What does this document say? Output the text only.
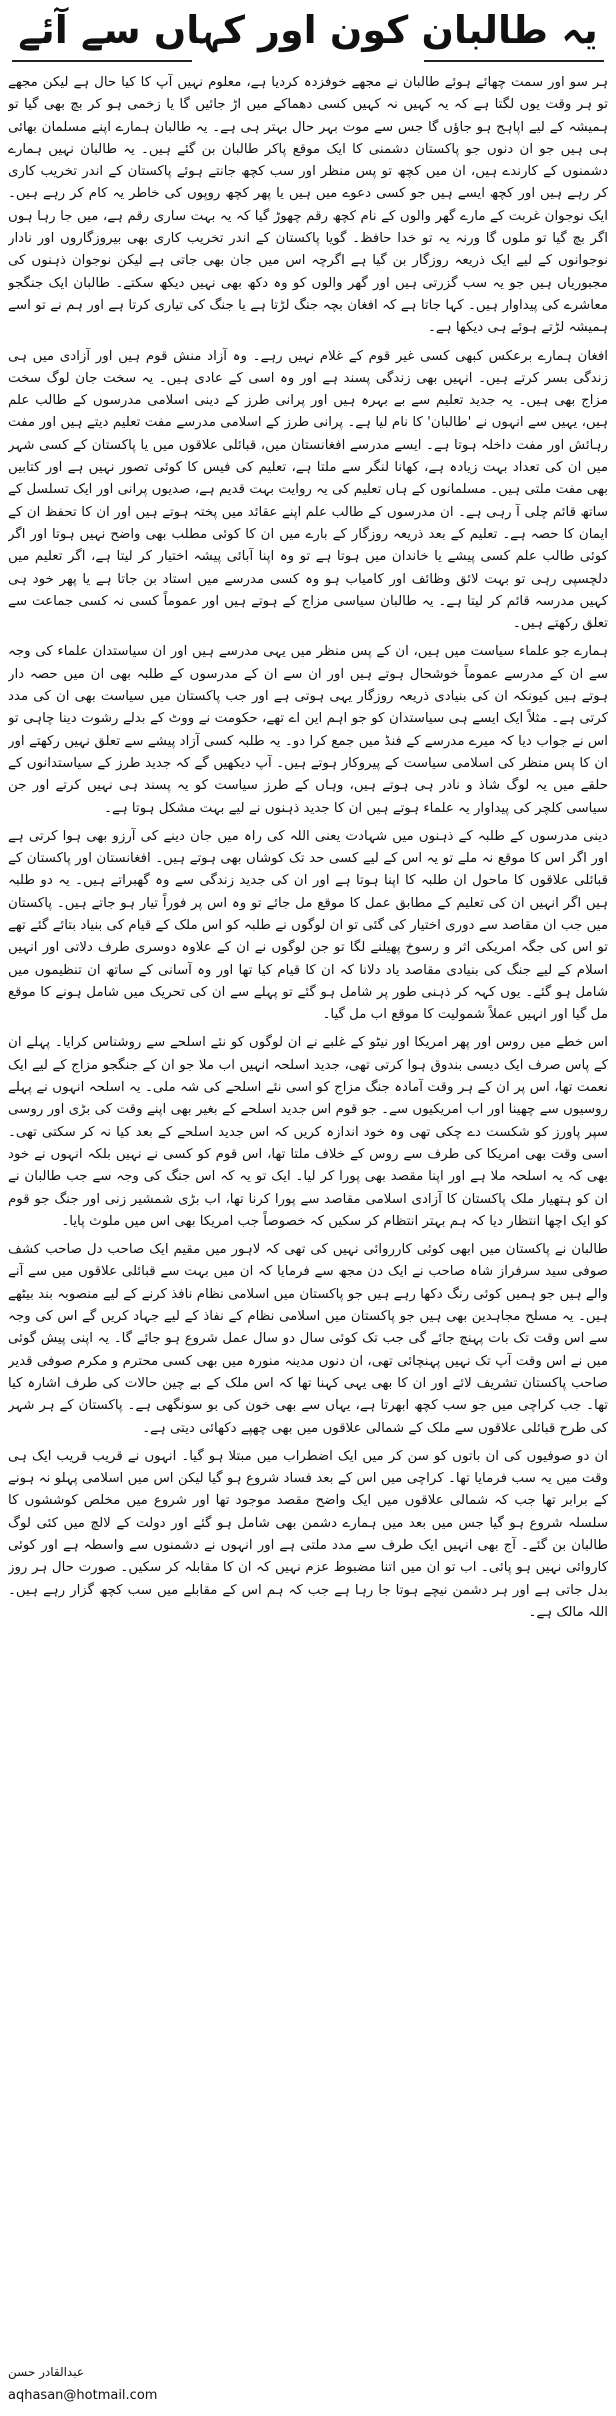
یہ طالبان کون اور کہاں سے آئے

ہر سو اور سمت چھائے ہوئے طالبان نے مجھے خوفزدہ کردیا ہے، معلوم نہیں آپ کا کیا حال ہے لیکن مجھے تو ہر وقت یوں لگتا ہے کہ یہ کہیں نہ کہیں کسی دھماکے میں اڑ جائیں گا یا زخمی ہو کر بچ بھی گیا تو ہمیشہ کے لیے اپاہج ہو جاؤں گا جس سے موت بہر حال بہتر ہی ہے۔ یہ طالبان ہمارے اپنے مسلمان بھائی ہی ہیں جو ان دنوں جو پاکستان دشمنی کا ایک موقع پاکر طالبان بن گئے ہیں۔ یہ طالبان نہیں ہمارے دشمنوں کے کارندے ہیں، ان میں کچھ تو پس منظر اور سب کچھ جانتے ہوئے پاکستان کے اندر تخریب کاری کر رہے ہیں اور کچھ ایسے ہیں جو کسی دعوے میں ہیں یا پھر کچھ روپوں کی خاطر یہ کام کر رہے ہیں۔ ایک نوجوان غربت کے مارے گھر والوں کے نام کچھ رقم چھوڑ گیا کہ یہ بہت ساری رقم ہے، میں جا رہا ہوں اگر بچ گیا تو ملوں گا ورنہ یہ تو خدا حافظ۔ گویا پاکستان کے اندر تخریب کاری بھی بیروزگاروں اور نادار نوجوانوں کے لیے ایک ذریعہ روزگار بن گیا ہے اگرچہ اس میں جان بھی جاتی ہے لیکن نوجوان ذہنوں کی مجبوریاں ہیں جو یہ سب گزرتی ہیں اور گھر والوں کو وہ دکھ بھی نہیں دیکھ سکتے۔ طالبان ایک جنگجو معاشرے کی پیداوار ہیں۔ کہا جاتا ہے کہ افغان بچہ جنگ لڑتا ہے یا جنگ کی تیاری کرتا ہے اور ہم نے تو اسے ہمیشہ لڑتے ہوئے ہی دیکھا ہے۔

افغان ہمارے برعکس کبھی کسی غیر قوم کے غلام نہیں رہے۔ وہ آزاد منش قوم ہیں اور آزادی میں ہی زندگی بسر کرتے ہیں۔ انہیں بھی زندگی پسند ہے اور وہ اسی کے عادی ہیں۔ یہ سخت جان لوگ سخت مزاج بھی ہیں۔ یہ جدید تعلیم سے بے بہرہ ہیں اور پرانی طرز کے دینی اسلامی مدرسوں کے طالب علم ہیں، یہیں سے انہوں نے 'طالبان' کا نام لیا ہے۔ پرانی طرز کے اسلامی مدرسے مفت تعلیم دیتے ہیں اور مفت رہائش اور مفت داخلہ ہوتا ہے۔ ایسے مدرسے افغانستان میں، قبائلی علاقوں میں یا پاکستان کے کسی شہر میں ان کی تعداد بہت زیادہ ہے، کھانا لنگر سے ملتا ہے، تعلیم کی فیس کا کوئی تصور نہیں ہے اور کتابیں بھی مفت ملتی ہیں۔ مسلمانوں کے ہاں تعلیم کی یہ روایت بہت قدیم ہے، صدیوں پرانی اور ایک تسلسل کے ساتھ قائم چلی آ رہی ہے۔ ان مدرسوں کے طالب علم اپنے عقائد میں پختہ ہوتے ہیں اور ان کا تحفظ ان کے ایمان کا حصہ ہے۔ تعلیم کے بعد ذریعہ روزگار کے بارے میں ان کا کوئی مطلب بھی واضح نہیں ہوتا اور اگر کوئی طالب علم کسی پیشے یا خاندان میں ہوتا ہے تو وہ اپنا آبائی پیشہ اختیار کر لیتا ہے، اگر تعلیم میں دلچسپی رہی تو بہت لائق وظائف اور کامیاب ہو وہ کسی مدرسے میں استاد بن جاتا ہے یا پھر خود ہی کہیں مدرسہ قائم کر لیتا ہے۔ یہ طالبان سیاسی مزاج کے ہوتے ہیں اور عموماً کسی نہ کسی جماعت سے تعلق رکھتے ہیں۔

ہمارے جو علماء سیاست میں ہیں، ان کے پس منظر میں یہی مدرسے ہیں اور ان سیاستدان علماء کی وجہ سے ان کے مدرسے عموماً خوشحال ہوتے ہیں اور ان سے ان کے مدرسوں کے طلبہ بھی ان میں حصہ دار ہوتے ہیں کیونکہ ان کی بنیادی ذریعہ روزگار یہی ہوتی ہے اور جب پاکستان میں سیاست بھی ان کی مدد کرتی ہے۔ مثلاً ایک ایسے ہی سیاستدان کو جو اہم این اے تھے، حکومت نے ووٹ کے بدلے رشوت دینا چاہی تو اس نے جواب دیا کہ میرے مدرسے کے فنڈ میں جمع کرا دو۔ یہ طلبہ کسی آزاد پیشے سے تعلق نہیں رکھتے اور ان کا پس منظر کی اسلامی سیاست کے پیروکار ہوتے ہیں۔ آپ دیکھیں گے کہ جدید طرز کے سیاستدانوں کے حلقے میں یہ لوگ شاذ و نادر ہی ہوتے ہیں، وہاں کے طرز سیاست کو یہ پسند ہی نہیں کرتے اور جن سیاسی کلچر کی پیداوار یہ علماء ہوتے ہیں ان کا جدید ذہنوں نے لیے بہت مشکل ہوتا ہے۔

دینی مدرسوں کے طلبہ کے ذہنوں میں شہادت یعنی اللہ کی راہ میں جان دینے کی آرزو بھی ہوا کرتی ہے اور اگر اس کا موقع نہ ملے تو یہ اس کے لیے کسی حد تک کوشاں بھی ہوتے ہیں۔ افغانستان اور پاکستان کے قبائلی علاقوں کا ماحول ان طلبہ کا اپنا ہوتا ہے اور ان کی جدید زندگی سے وہ گھبراتے ہیں۔ یہ دو طلبہ ہیں اگر انہیں ان کی تعلیم کے مطابق عمل کا موقع مل جائے تو وہ اس پر فوراً تیار ہو جاتے ہیں۔ پاکستان میں جب ان مقاصد سے دوری اختیار کی گئی تو ان لوگوں نے طلبہ کو اس ملک کے قیام کی بنیاد بتائے گئے تھے تو اس کی جگہ امریکی اثر و رسوخ پھیلنے لگا تو جن لوگوں نے ان کے علاوہ دوسری طرف دلاتی اور انہیں اسلام کے لیے جنگ کی بنیادی مقاصد یاد دلانا کہ ان کا قیام کیا تھا اور وہ آسانی کے ساتھ ان تنظیموں میں شامل ہو گئے۔ یوں کہہ کر ذہنی طور پر شامل ہو گئے تو پہلے سے ان کی تحریک میں شامل ہونے کا موقع مل گیا اور انہیں عملاً شمولیت کا موقع اب مل گیا۔

اس خطے میں روس اور پھر امریکا اور نیٹو کے غلبے نے ان لوگوں کو نئے اسلحے سے روشناس کرایا۔ پہلے ان کے پاس صرف ایک دیسی بندوق ہوا کرتی تھی، جدید اسلحہ انہیں اب ملا جو ان کے جنگجو مزاج کے لیے ایک نعمت تھا، اس پر ان کے ہر وقت آمادہ جنگ مزاج کو اسی نئے اسلحے کی شہ ملی۔ یہ اسلحہ انہوں نے پہلے روسیوں سے چھینا اور اب امریکیوں سے۔ جو قوم اس جدید اسلحے کے بغیر بھی اپنے وقت کی بڑی اور روسی سپر پاورز کو شکست دے چکی تھی وہ خود اندازہ کریں کہ اس جدید اسلحے کے بعد کیا نہ کر سکتی تھی۔ اسی وقت بھی امریکا کی طرف سے روس کے خلاف ملتا تھا، اس قوم کو کسی نے نہیں بلکہ انہوں نے خود بھی کہ یہ اسلحہ ملا ہے اور اپنا مقصد بھی پورا کر لیا۔ ایک تو یہ کہ اس جنگ کی وجہ سے جب طالبان نے ان کو ہتھیار ملک پاکستان کا آزادی اسلامی مقاصد سے پورا کرنا تھا، اب بڑی شمشیر زنی اور جنگ جو قوم کو ایک اچھا انتظار دیا کہ ہم بہتر انتظام کر سکیں کہ خصوصاً جب امریکا بھی اس میں ملوث پایا۔

طالبان نے پاکستان میں ابھی کوئی کارروائی نہیں کی تھی کہ لاہور میں مقیم ایک صاحب دل صاحب کشف صوفی سید سرفراز شاہ صاحب نے ایک دن مجھ سے فرمایا کہ ان میں بہت سے قبائلی علاقوں میں سے آنے والے ہیں جو ہمیں کوئی رنگ دکھا رہے ہیں جو پاکستان میں اسلامی نظام نافذ کرنے کے لیے منصوبہ بند بیٹھے ہیں۔ یہ مسلح مجاہدین بھی ہیں جو پاکستان میں اسلامی نظام کے نفاذ کے لیے جہاد کریں گے اس کی وجہ سے اس وقت تک بات پہنچ جائے گی جب تک کوئی سال دو سال عمل شروع ہو جائے گا۔ یہ اپنی پیش گوئی میں نے اس وقت آپ تک نہیں پہنچائی تھی، ان دنوں مدینہ منورہ میں بھی کسی محترم و مکرم صوفی قدیر صاحب پاکستان تشریف لائے اور ان کا بھی یہی کہنا تھا کہ اس ملک کے بے چین حالات کی طرف اشارہ کیا تھا۔ جب کراچی میں جو سب کچھ ابھرتا ہے، یہاں سے بھی خون کی بو سونگھی ہے۔ پاکستان کے ہر شہر کی طرح قبائلی علاقوں سے ملک کے شمالی علاقوں میں بھی چھپے دکھائی دیتی ہے۔

ان دو صوفیوں کی ان باتوں کو سن کر میں ایک اضطراب میں مبتلا ہو گیا۔ انہوں نے قریب قریب ایک ہی وقت میں یہ سب فرمایا تھا۔ کراچی میں اس کے بعد فساد شروع ہو گیا لیکن اس میں اسلامی پہلو نہ ہونے کے برابر تھا جب کہ شمالی علاقوں میں ایک واضح مقصد موجود تھا اور شروع میں مخلص کوششوں کا سلسلہ شروع ہو گیا جس میں بعد میں ہمارے دشمن بھی شامل ہو گئے اور دولت کے لالچ میں کئی لوگ طالبان بن گئے۔ آج بھی انہیں ایک طرف سے مدد ملتی ہے اور انہوں نے دشمنوں سے واسطہ ہے اور کوئی کاروائی نہیں ہو پائی۔ اب تو ان میں اتنا مضبوط عزم نہیں کہ ان کا مقابلہ کر سکیں۔ صورت حال ہر روز بدل جاتی ہے اور ہر دشمن نیچے ہوتا جا رہا ہے جب کہ ہم اس کے مقابلے میں سب کچھ گزار رہے ہیں۔ اللہ مالک ہے۔

عبدالقادر حسن
aqhasan@hotmail.com
